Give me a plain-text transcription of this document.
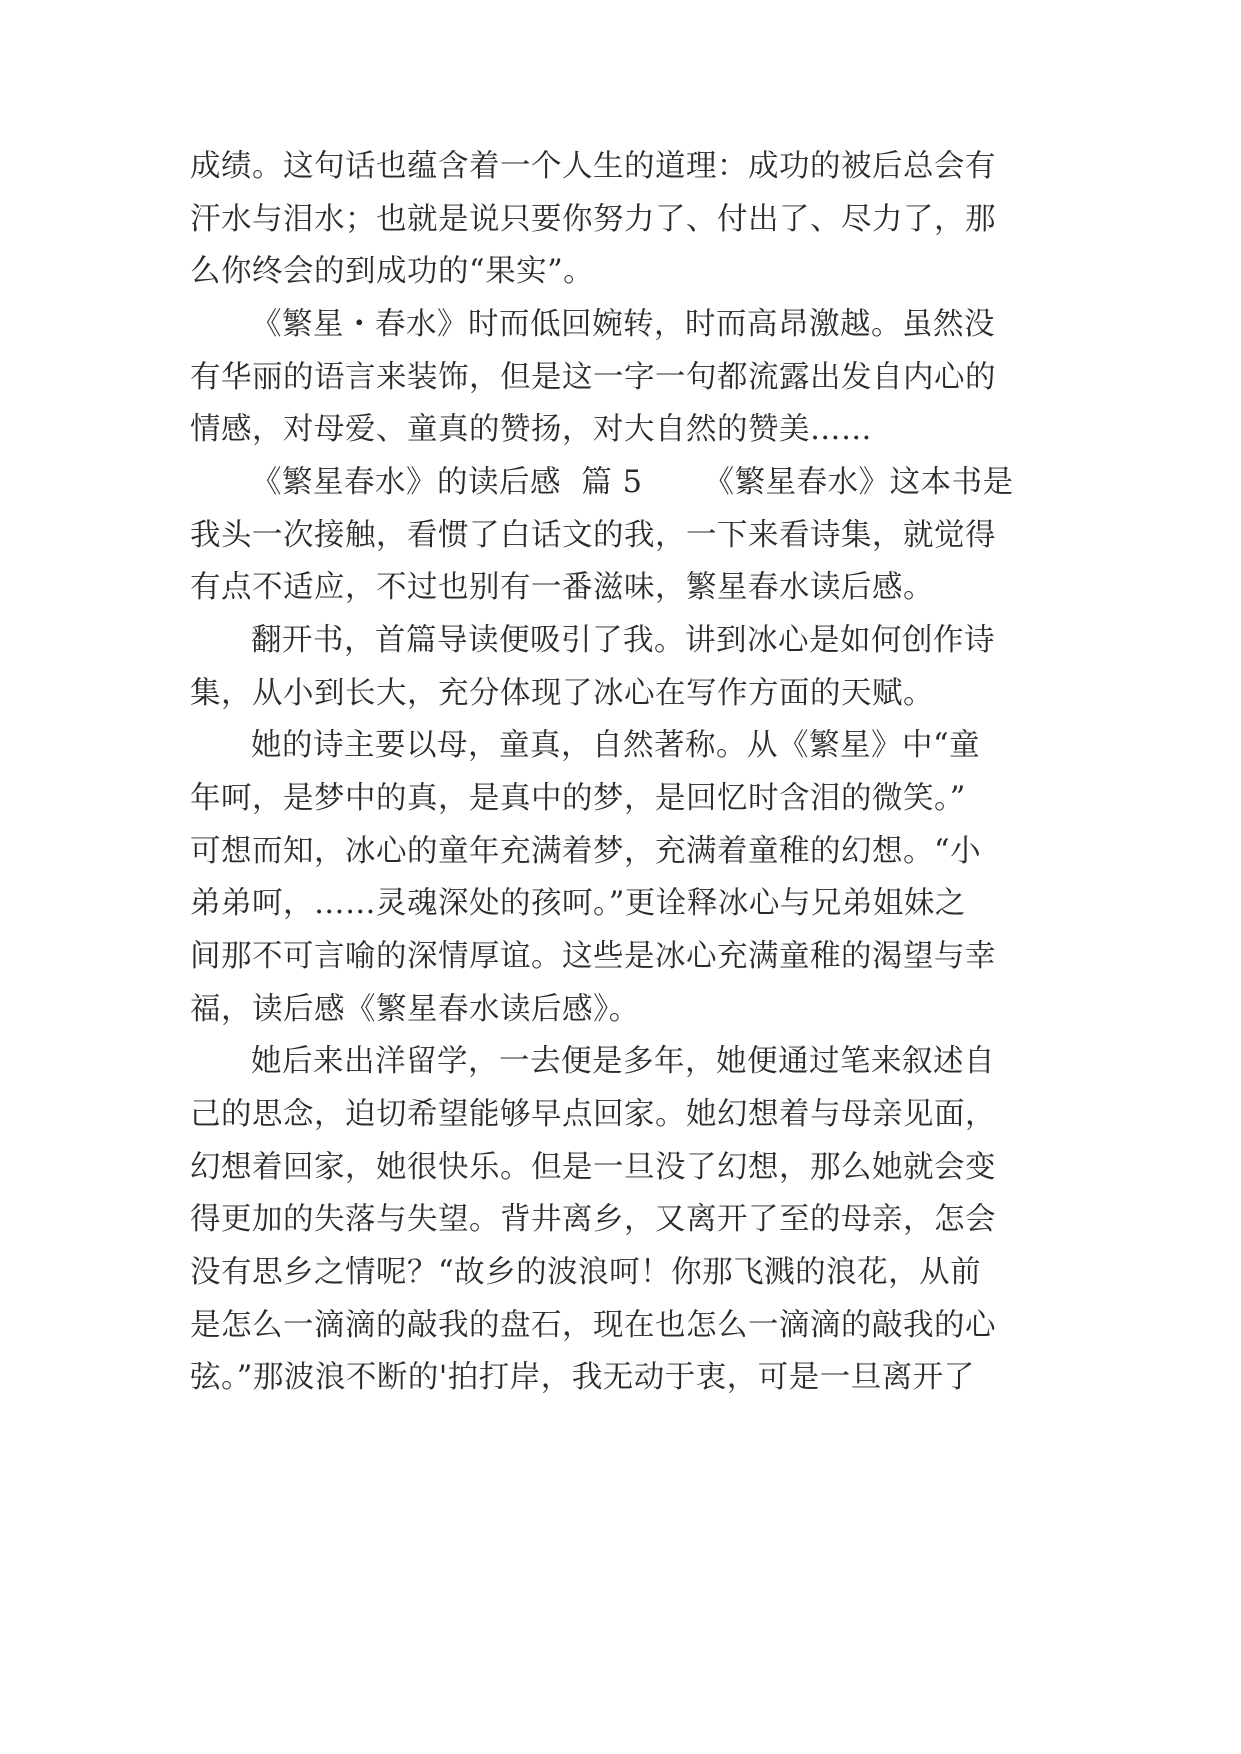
成绩。这句话也蕴含着一个人生的道理：成功的被后总会有

汗水与泪水；也就是说只要你努力了、付出了、尽力了，那

么你终会的到成功的“果实”。

《繁星・春水》时而低回婉转，时而高昂激越。虽然没

有华丽的语言来装饰，但是这一字一句都流露出发自内心的

情感，对母爱、童真的赞扬，对大自然的赞美……

《繁星春水》的读后感  篇 5      《繁星春水》这本书是

我头一次接触，看惯了白话文的我，一下来看诗集，就觉得

有点不适应，不过也别有一番滋味，繁星春水读后感。

翻开书，首篇导读便吸引了我。讲到冰心是如何创作诗

集，从小到长大，充分体现了冰心在写作方面的天赋。

她的诗主要以母，童真，自然著称。从《繁星》中“童

年呵，是梦中的真，是真中的梦，是回忆时含泪的微笑。”

可想而知，冰心的童年充满着梦，充满着童稚的幻想。“小

弟弟呵，……灵魂深处的孩呵。”更诠释冰心与兄弟姐妹之

间那不可言喻的深情厚谊。这些是冰心充满童稚的渴望与幸

福，读后感《繁星春水读后感》。

她后来出洋留学，一去便是多年，她便通过笔来叙述自

己的思念，迫切希望能够早点回家。她幻想着与母亲见面，

幻想着回家，她很快乐。但是一旦没了幻想，那么她就会变

得更加的失落与失望。背井离乡，又离开了至的母亲，怎会

没有思乡之情呢？“故乡的波浪呵！你那飞溅的浪花，从前

是怎么一滴滴的敲我的盘石，现在也怎么一滴滴的敲我的心

弦。”那波浪不断的'拍打岸，我无动于衷，可是一旦离开了
